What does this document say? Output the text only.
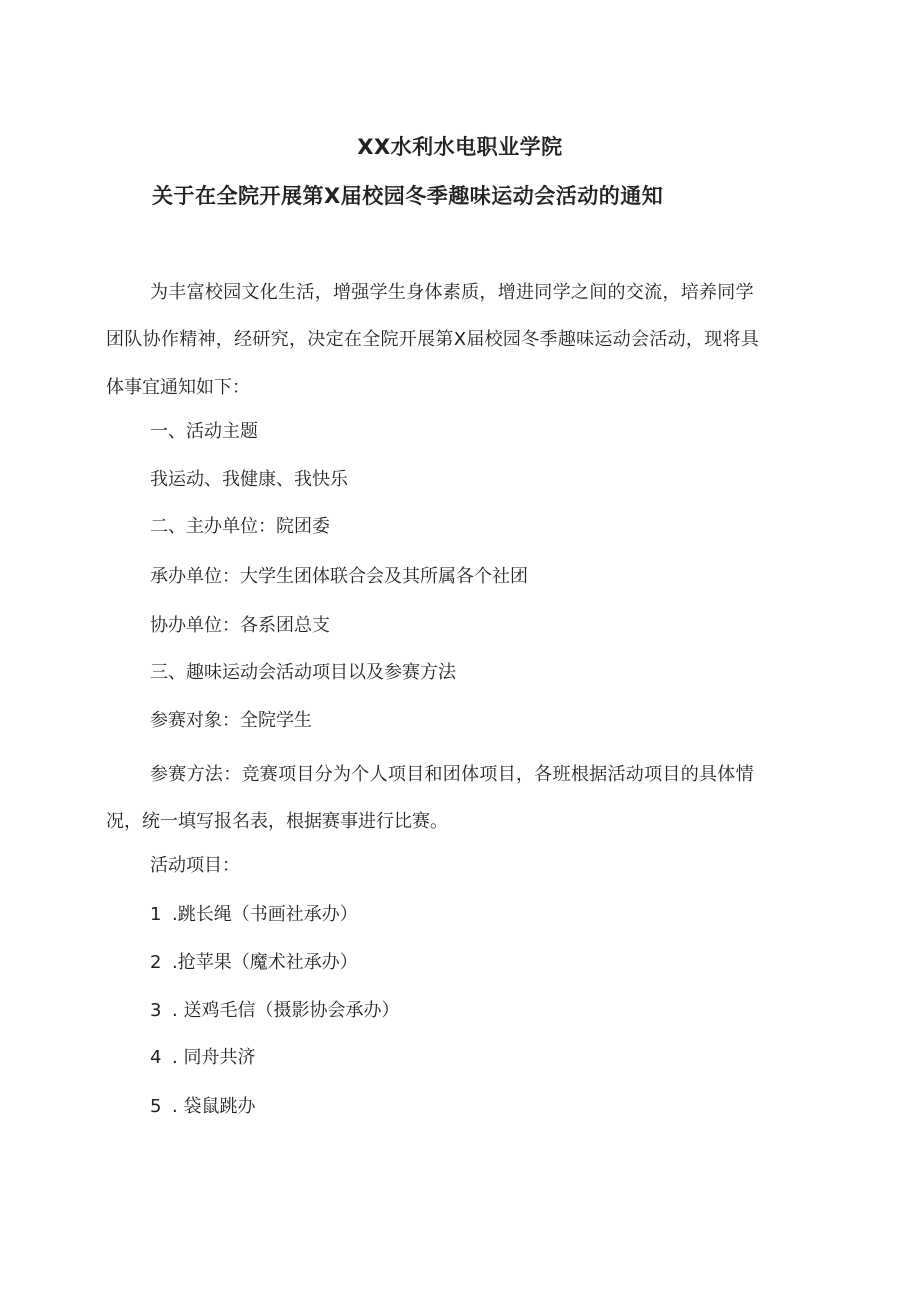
XX水利水电职业学院
关于在全院开展第X届校园冬季趣味运动会活动的通知

为丰富校园文化生活，增强学生身体素质，增进同学之间的交流，培养同学

团队协作精神，经研究，决定在全院开展第X届校园冬季趣味运动会活动，现将具

体事宜通知如下：

一、活动主题

我运动、我健康、我快乐

二、主办单位：院团委

承办单位：大学生团体联合会及其所属各个社团

协办单位：各系团总支

三、趣味运动会活动项目以及参赛方法

参赛对象：全院学生

参赛方法：竞赛项目分为个人项目和团体项目，各班根据活动项目的具体情

况，统一填写报名表，根据赛事进行比赛。

活动项目：

1 .跳长绳（书画社承办）

2 .抢苹果（魔术社承办）

3 . 送鸡毛信（摄影协会承办）

4 . 同舟共济

5 . 袋鼠跳办
